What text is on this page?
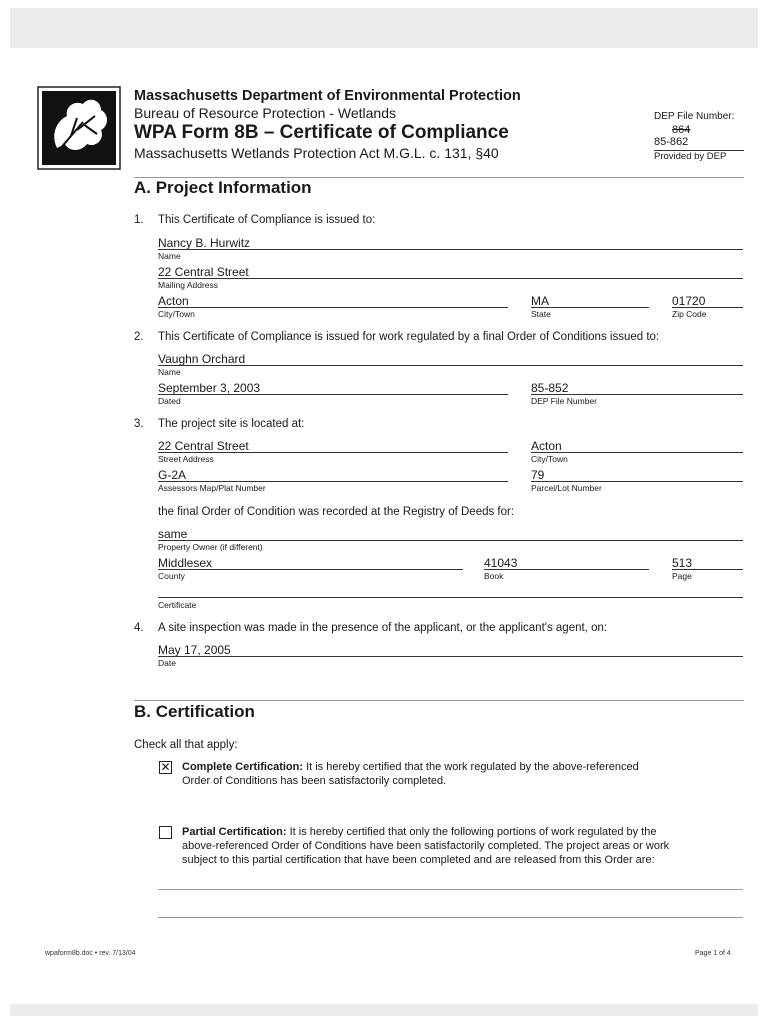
Massachusetts Department of Environmental Protection
Bureau of Resource Protection - Wetlands
WPA Form 8B – Certificate of Compliance
Massachusetts Wetlands Protection Act M.G.L. c. 131, §40
DEP File Number:
864
85-862
Provided by DEP
A. Project Information
1. This Certificate of Compliance is issued to:
Nancy B. Hurwitz
Name
22 Central Street
Mailing Address
Acton
City/Town
MA
State
01720
Zip Code
2. This Certificate of Compliance is issued for work regulated by a final Order of Conditions issued to:
Vaughn Orchard
Name
September 3, 2003
Dated
85-852
DEP File Number
3. The project site is located at:
22 Central Street
Street Address
Acton
City/Town
G-2A
Assessors Map/Plat Number
79
Parcel/Lot Number
the final Order of Condition was recorded at the Registry of Deeds for:
same
Property Owner (if different)
Middlesex
County
41043
Book
513
Page
Certificate
4. A site inspection was made in the presence of the applicant, or the applicant's agent, on:
May 17, 2005
Date
B. Certification
Check all that apply:
✕ Complete Certification: It is hereby certified that the work regulated by the above-referenced
Order of Conditions has been satisfactorily completed.
Partial Certification: It is hereby certified that only the following portions of work regulated by the
above-referenced Order of Conditions have been satisfactorily completed. The project areas or work
subject to this partial certification that have been completed and are released from this Order are:
wpaform8b.doc • rev. 7/13/04	Page 1 of 4
